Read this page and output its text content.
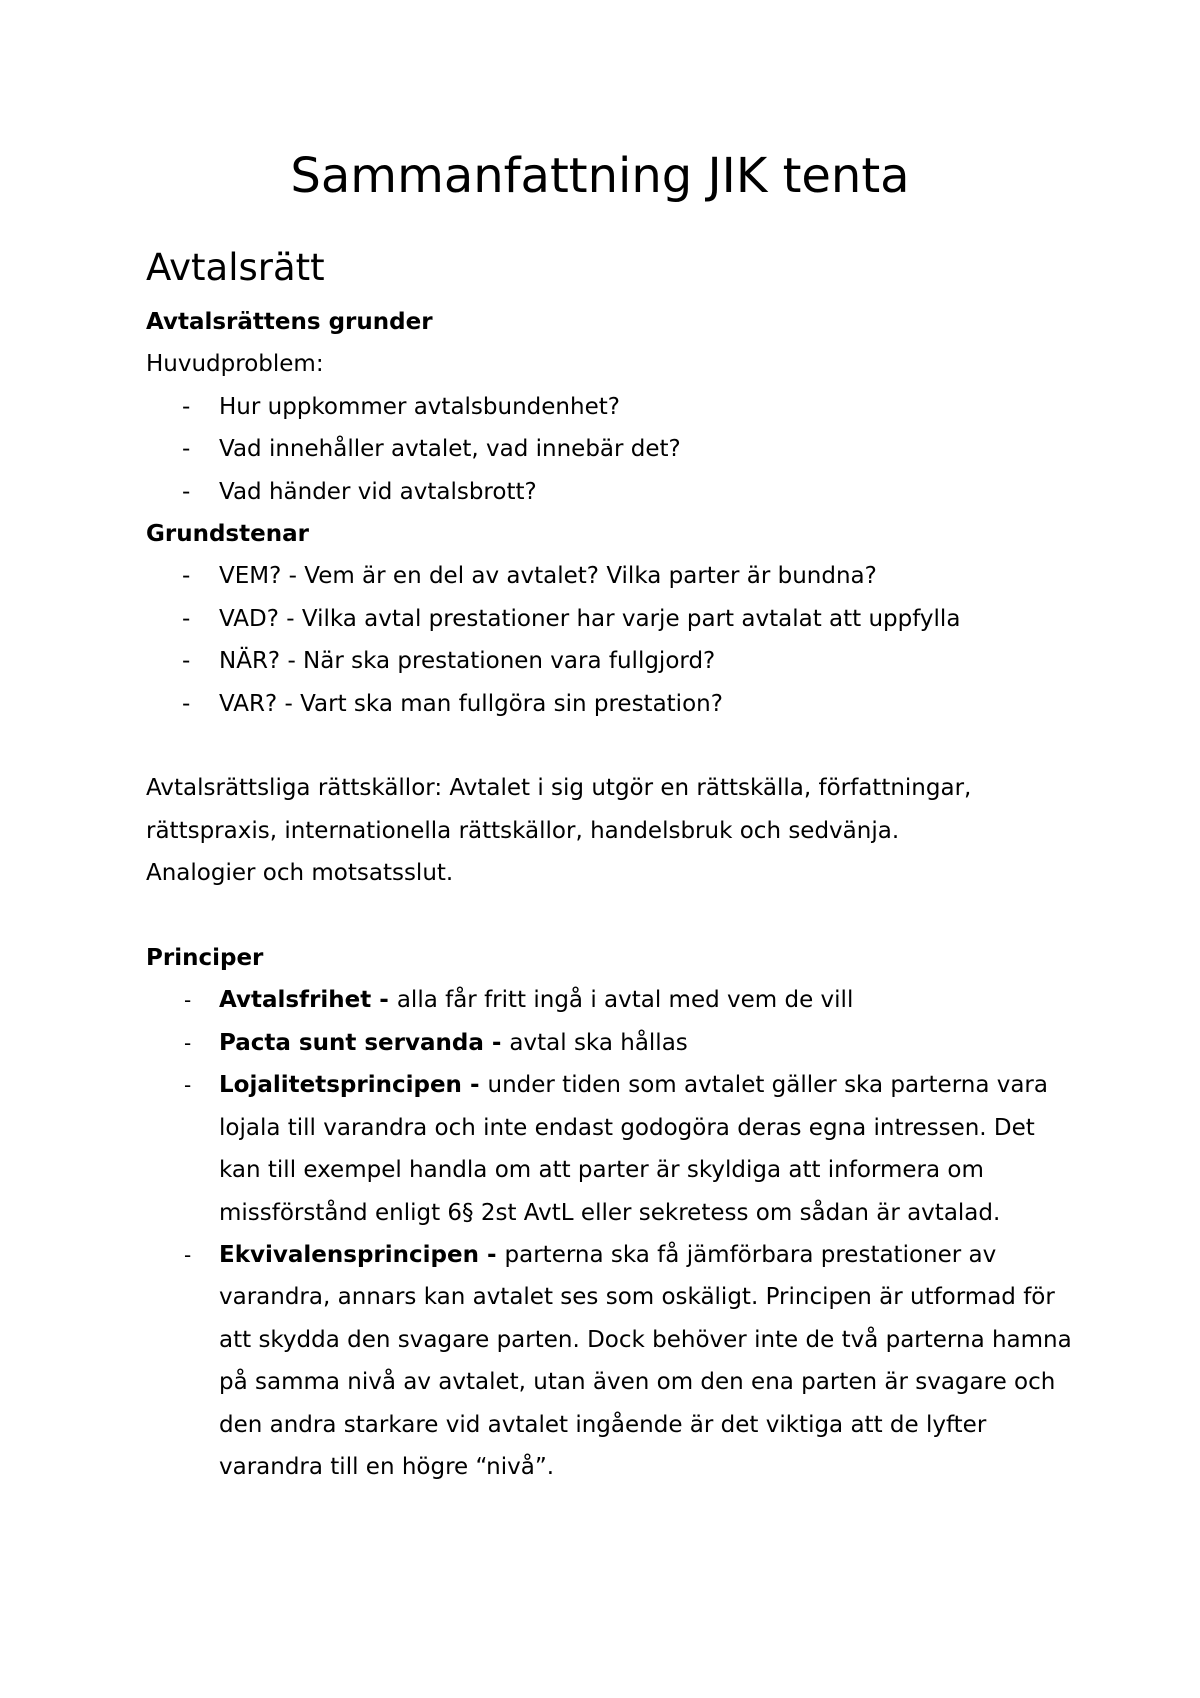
Sammanfattning JIK tenta
Avtalsrätt

Avtalsrättens grunder

Huvudproblem:

- Hur uppkommer avtalsbundenhet?
- Vad innehåller avtalet, vad innebär det?
- Vad händer vid avtalsbrott?

Grundstenar

- VEM? - Vem är en del av avtalet? Vilka parter är bundna?
- VAD? - Vilka avtal prestationer har varje part avtalat att uppfylla
- NÄR? - När ska prestationen vara fullgjord?
- VAR? - Vart ska man fullgöra sin prestation?

Avtalsrättsliga rättskällor: Avtalet i sig utgör en rättskälla, författningar, rättspraxis, internationella rättskällor, handelsbruk och sedvänja.

Analogier och motsatsslut.

Principer

- Avtalsfrihet - alla får fritt ingå i avtal med vem de vill
- Pacta sunt servanda - avtal ska hållas
- Lojalitetsprincipen - under tiden som avtalet gäller ska parterna vara lojala till varandra och inte endast godogöra deras egna intressen. Det kan till exempel handla om att parter är skyldiga att informera om missförstånd enligt 6§ 2st AvtL eller sekretess om sådan är avtalad.
- Ekvivalensprincipen - parterna ska få jämförbara prestationer av varandra, annars kan avtalet ses som oskäligt. Principen är utformad för att skydda den svagare parten. Dock behöver inte de två parterna hamna på samma nivå av avtalet, utan även om den ena parten är svagare och den andra starkare vid avtalet ingående är det viktiga att de lyfter varandra till en högre “nivå”.
